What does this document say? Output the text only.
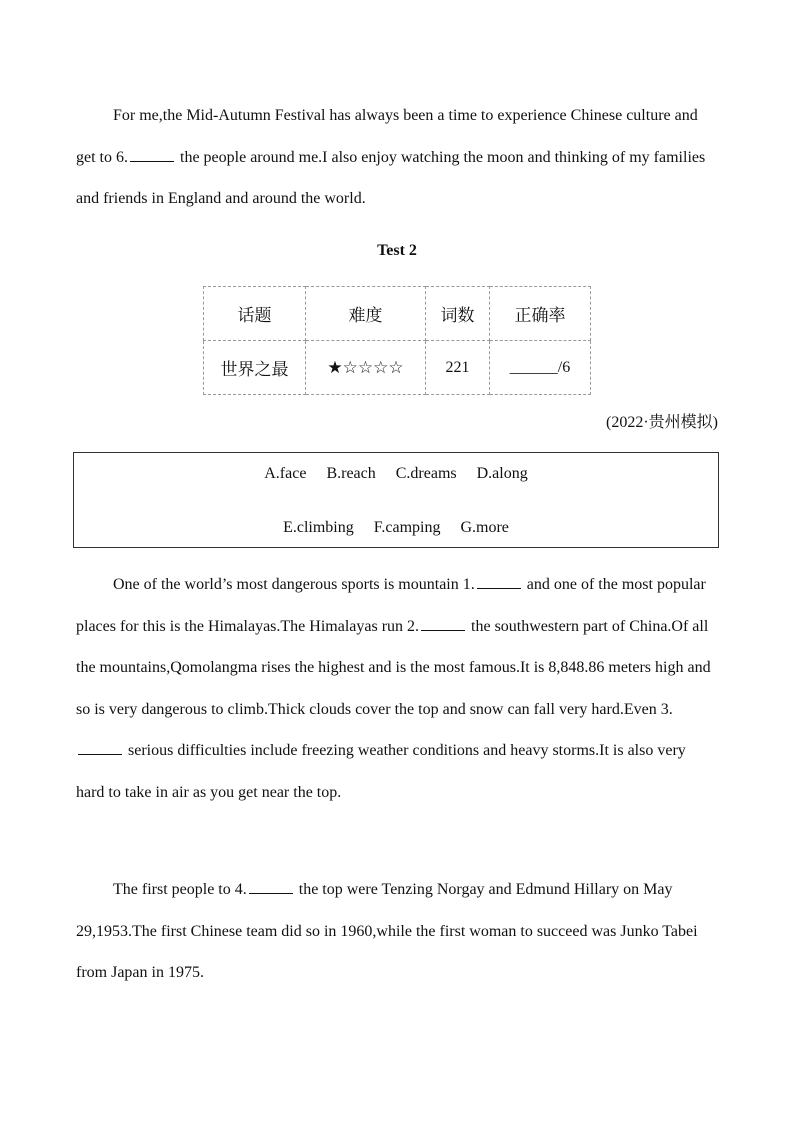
For me,the Mid-Autumn Festival has always been a time to experience Chinese culture and get to 6.	the people around me.I also enjoy watching the moon and thinking of my families and friends in England and around the world.

Test 2
话题	难度	词数	正确率
世界之最	★☆☆☆☆	221	______/6
(2022·贵州模拟)
A.face B.reach C.dreams D.along
E.climbing F.camping G.more

One of the world’s most dangerous sports is mountain 1.	and one of the most popular places for this is the Himalayas.The Himalayas run 2.	the southwestern part of China.Of all the mountains,Qomolangma rises the highest and is the most famous.It is 8,848.86 meters high and so is very dangerous to climb.Thick clouds cover the top and snow can fall very hard.Even 3. serious difficulties include freezing weather conditions and heavy storms.It is also very hard to take in air as you get near the top.

The first people to 4.	the top were Tenzing Norgay and Edmund Hillary on May 29,1953.The first Chinese team did so in 1960,while the first woman to succeed was Junko Tabei from Japan in 1975.
